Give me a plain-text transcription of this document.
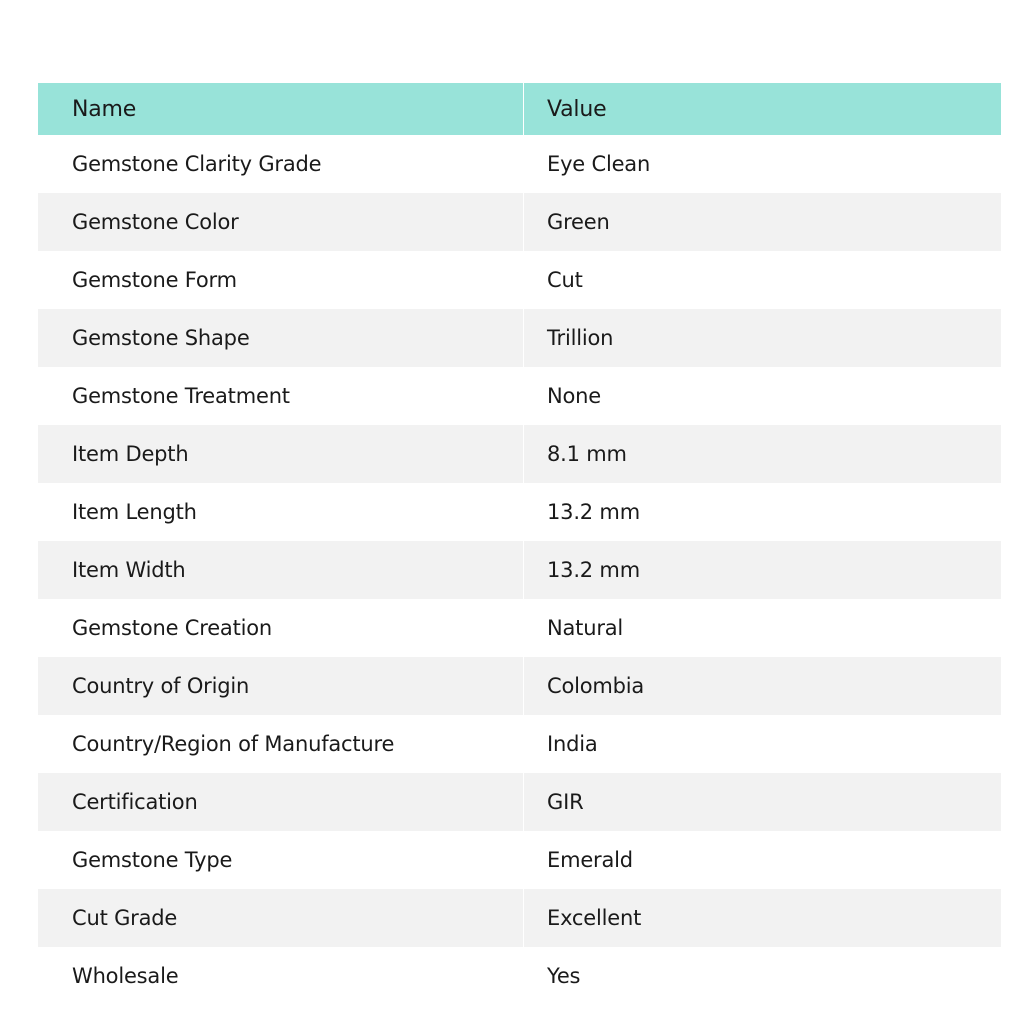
Name	Value
Gemstone Clarity Grade	Eye Clean
Gemstone Color	Green
Gemstone Form	Cut
Gemstone Shape	Trillion
Gemstone Treatment	None
Item Depth	8.1 mm
Item Length	13.2 mm
Item Width	13.2 mm
Gemstone Creation	Natural
Country of Origin	Colombia
Country/Region of Manufacture	India
Certification	GIR
Gemstone Type	Emerald
Cut Grade	Excellent
Wholesale	Yes
